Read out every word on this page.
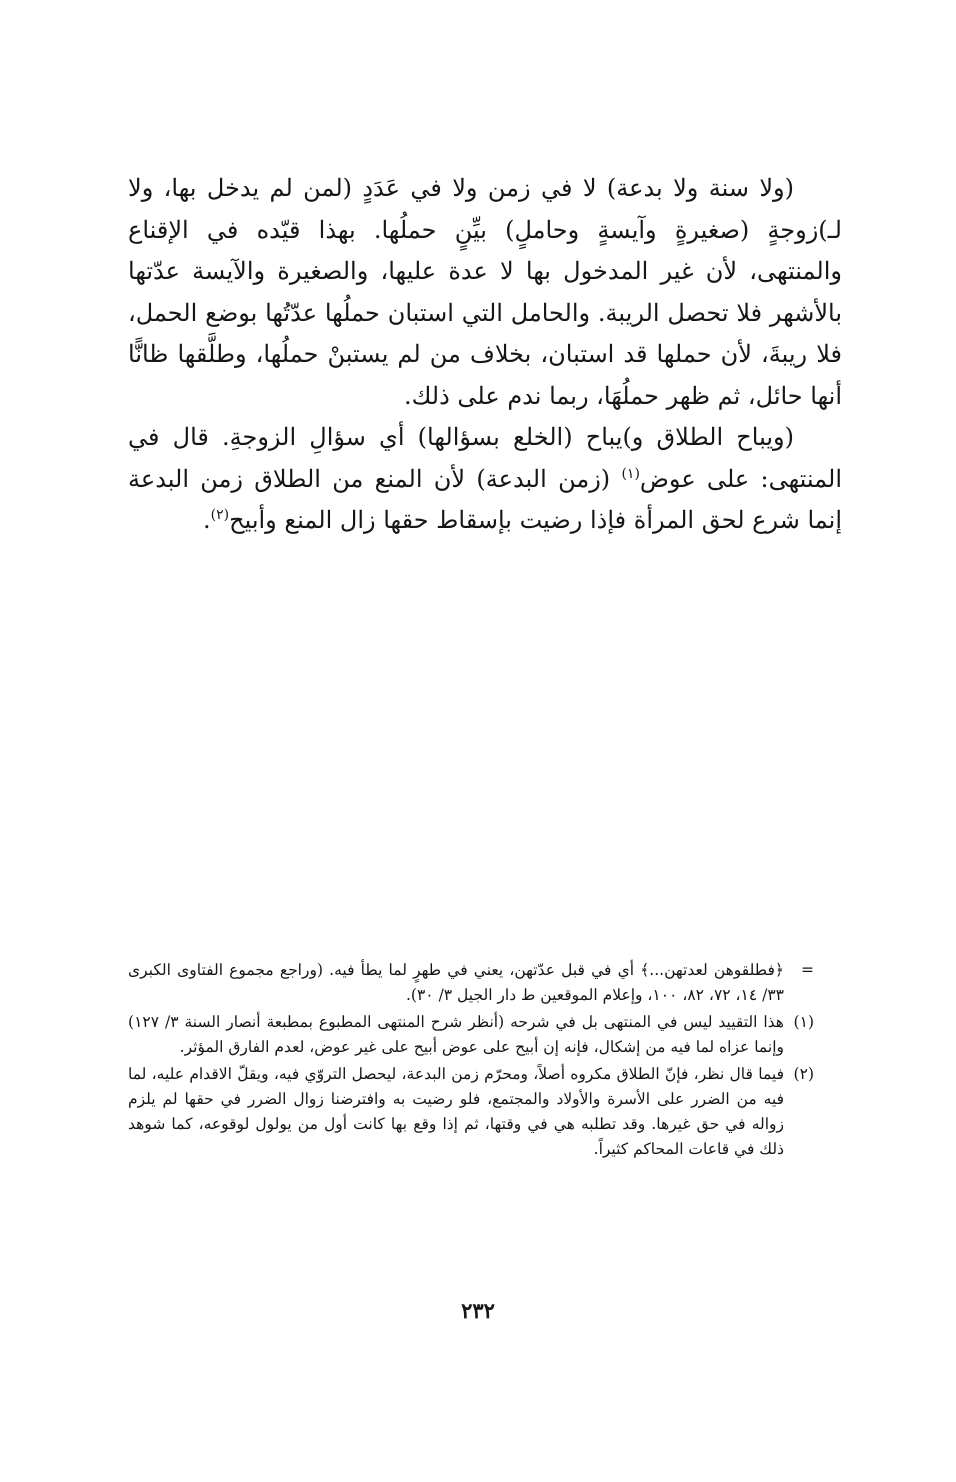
(ولا سنة ولا بدعة) لا في زمن ولا في عَدَدٍ (لمن لم يدخل بها، ولا لـ)زوجةٍ (صغيرةٍ وآيسةٍ وحاملٍ) بيِّنٍ حملُها. بهذا قيّده في الإقناع والمنتهى، لأن غير المدخول بها لا عدة عليها، والصغيرة والآيسة عدّتها بالأشهر فلا تحصل الريبة. والحامل التي استبان حملُها عدّتُها بوضع الحمل، فلا ريبةَ، لأن حملها قد استبان، بخلاف من لم يستبنْ حملُها، وطلَّقها ظانًّا أنها حائل، ثم ظهر حملُهَا، ربما ندم على ذلك.

(ويباح الطلاق و)يباح (الخلع بسؤالها) أي سؤالِ الزوجةِ. قال في المنتهى: على عوض$^{(١)}$ (زمن البدعة) لأن المنع من الطلاق زمن البدعة إنما شرع لحق المرأة فإذا رضيت بإسقاط حقها زال المنع وأبيح$^{(٢)}$.

=
﴿فطلقوهن لعدتهن...﴾ أي في قبل عدّتهن، يعني في طهرٍ لما يطأ فيه. (وراجع مجموع الفتاوى الكبرى ٣٣/ ١٤، ٧٢، ٨٢، ١٠٠، وإعلام الموقعين ط دار الجيل ٣/ ٣٠).
(١)
هذا التقييد ليس في المنتهى بل في شرحه (أنظر شرح المنتهى المطبوع بمطبعة أنصار السنة ٣/ ١٢٧) وإنما عزاه لما فيه من إشكال، فإنه إن أبيح على عوض أبيح على غير عوض، لعدم الفارق المؤثر.
(٢)
فيما قال نظر، فإنّ الطلاق مكروه أصلاً، ومحرّم زمن البدعة، ليحصل التروّي فيه، ويقلّ الاقدام عليه، لما فيه من الضرر على الأسرة والأولاد والمجتمع، فلو رضيت به وافترضنا زوال الضرر في حقها لم يلزم زواله في حق غيرها. وقد تطلبه هي في وقتها، ثم إذا وقع بها كانت أول من يولول لوقوعه، كما شوهد ذلك في قاعات المحاكم كثيراً.
٢٣٢
